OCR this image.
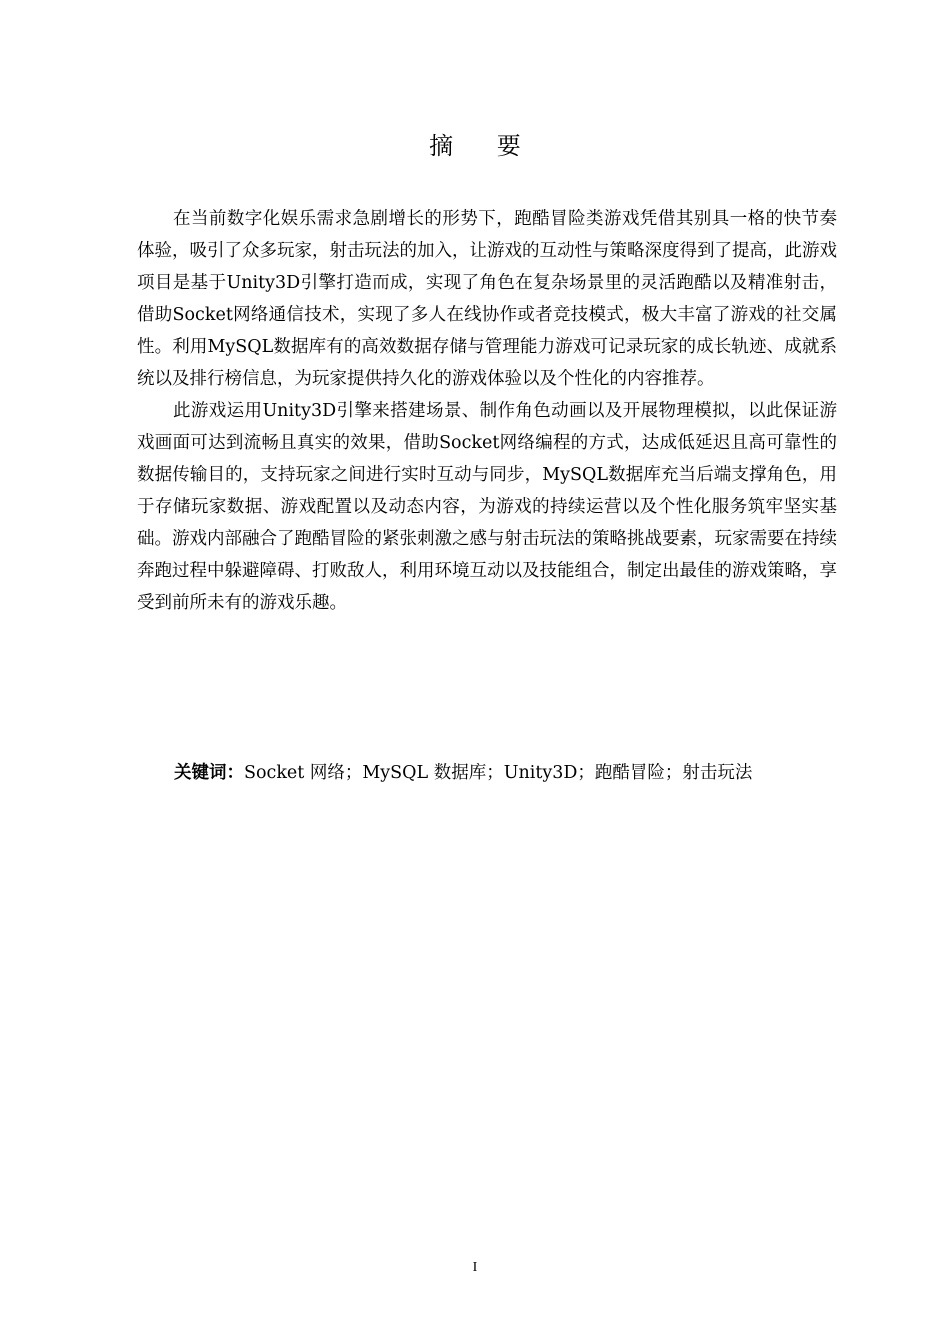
摘 要

在当前数字化娱乐需求急剧增长的形势下，跑酷冒险类游戏凭借其别具一格的快节奏体验，吸引了众多玩家，射击玩法的加入，让游戏的互动性与策略深度得到了提高，此游戏项目是基于Unity3D引擎打造而成，实现了角色在复杂场景里的灵活跑酷以及精准射击，借助Socket网络通信技术，实现了多人在线协作或者竞技模式，极大丰富了游戏的社交属性。利用MySQL数据库有的高效数据存储与管理能力游戏可记录玩家的成长轨迹、成就系统以及排行榜信息，为玩家提供持久化的游戏体验以及个性化的内容推荐。

此游戏运用Unity3D引擎来搭建场景、制作角色动画以及开展物理模拟，以此保证游戏画面可达到流畅且真实的效果，借助Socket网络编程的方式，达成低延迟且高可靠性的数据传输目的，支持玩家之间进行实时互动与同步，MySQL数据库充当后端支撑角色，用于存储玩家数据、游戏配置以及动态内容，为游戏的持续运营以及个性化服务筑牢坚实基础。游戏内部融合了跑酷冒险的紧张刺激之感与射击玩法的策略挑战要素，玩家需要在持续奔跑过程中躲避障碍、打败敌人，利用环境互动以及技能组合，制定出最佳的游戏策略，享受到前所未有的游戏乐趣。

关键词：Socket 网络；MySQL 数据库；Unity3D；跑酷冒险；射击玩法
I
